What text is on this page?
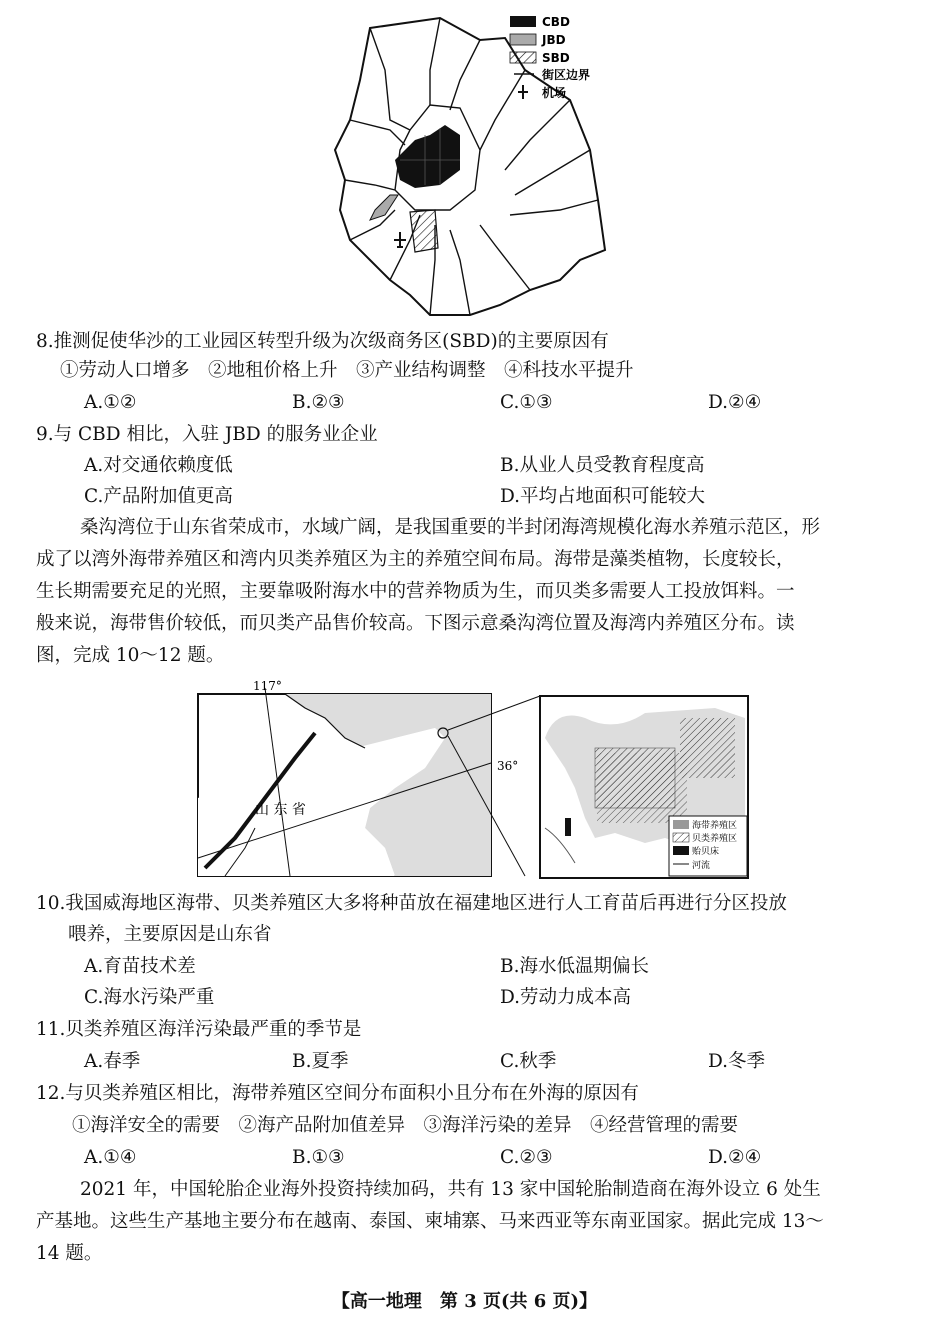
CBD
JBD
SBD
街区边界
机场
8.推测促使华沙的工业园区转型升级为次级商务区(SBD)的主要原因有
①劳动人口增多　②地租价格上升　③产业结构调整　④科技水平提升
A.①②	B.②③	C.①③	D.②④
9.与 CBD 相比，入驻 JBD 的服务业企业
A.对交通依赖度低	B.从业人员受教育程度高
C.产品附加值更高	D.平均占地面积可能较大
桑沟湾位于山东省荣成市，水域广阔，是我国重要的半封闭海湾规模化海水养殖示范区，形
成了以湾外海带养殖区和湾内贝类养殖区为主的养殖空间布局。海带是藻类植物，长度较长，
生长期需要充足的光照，主要靠吸附海水中的营养物质为生，而贝类多需要人工投放饵料。一
般来说，海带售价较低，而贝类产品售价较高。下图示意桑沟湾位置及海湾内养殖区分布。读
图，完成 10～12 题。
117°
36°
山 东 省
海带养殖区
贝类养殖区
贻贝床
河流
10.我国威海地区海带、贝类养殖区大多将种苗放在福建地区进行人工育苗后再进行分区投放
喂养，主要原因是山东省
A.育苗技术差	B.海水低温期偏长
C.海水污染严重	D.劳动力成本高
11.贝类养殖区海洋污染最严重的季节是
A.春季	B.夏季	C.秋季	D.冬季
12.与贝类养殖区相比，海带养殖区空间分布面积小且分布在外海的原因有
①海洋安全的需要　②海产品附加值差异　③海洋污染的差异　④经营管理的需要
A.①④	B.①③	C.②③	D.②④
2021 年，中国轮胎企业海外投资持续加码，共有 13 家中国轮胎制造商在海外设立 6 处生
产基地。这些生产基地主要分布在越南、泰国、柬埔寨、马来西亚等东南亚国家。据此完成 13～
14 题。
【高一地理　第 3 页(共 6 页)】
